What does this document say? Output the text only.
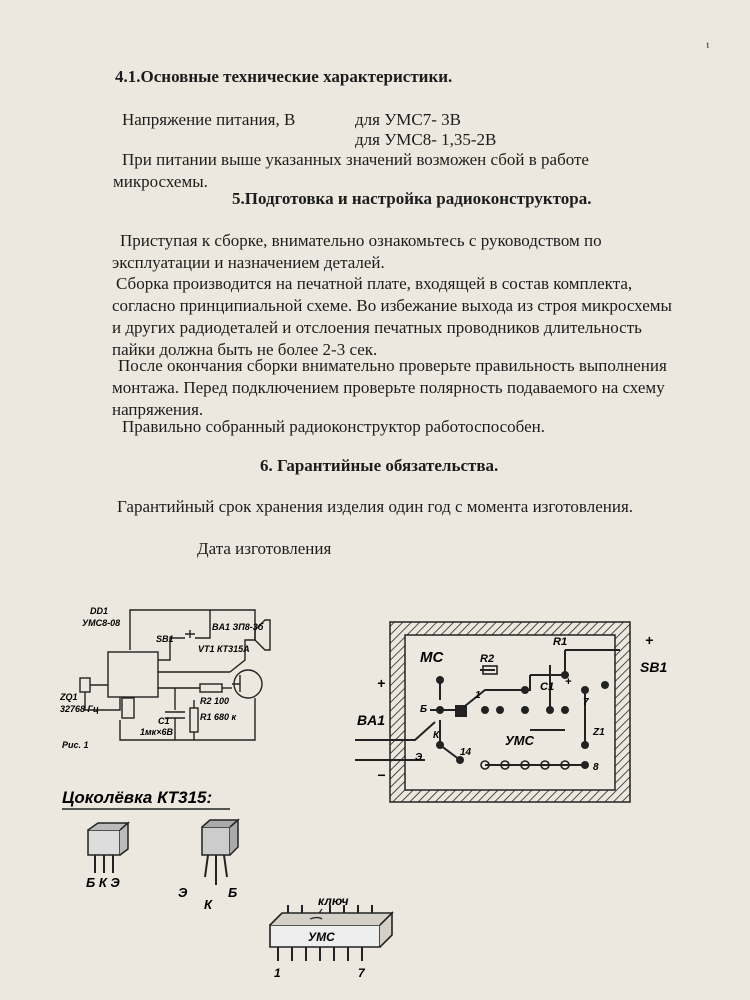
¹
4.1.Основные технические характеристики.
Напряжение питания, В	для УМС7- 3В
для УМС8- 1,35-2В
При питании выше указанных значений возможен сбой в работе
микросхемы.
5.Подготовка и настройка радиоконструктора.
Приступая к сборке, внимательно ознакомьтесь с руководством по
эксплуатации и назначением деталей.
Сборка производится на печатной плате, входящей в состав комплекта,
согласно принципиальной схеме. Во избежание выхода из строя микросхемы
и других радиодеталей и отслоения печатных проводников длительность
пайки должна быть не более 2-3 сек.
После окончания сборки внимательно проверьте правильность выполнения
монтажа. Перед подключением проверьте полярность подаваемого на схему
напряжения.
Правильно собранный радиоконструктор работоспособен.
6. Гарантийные обязательства.
Гарантийный срок хранения изделия один год с момента изготовления.
Дата изготовления
DD1
УМС8-08
ZQ1
32768 Гц
SB1
BA1 ЗП8-3б
VT1 КТ315А
R2 100
R1 680 к
C1
1мк×6В
Рис. 1
МС
R1
R2
C1
УМС
SB1
BA1
+
+
−
+
Б
К
Э
1
7
8
14
Z1
Цоколёвка КТ315:
Б К Э
Э
К
Б
ключ
УМС
1	7
